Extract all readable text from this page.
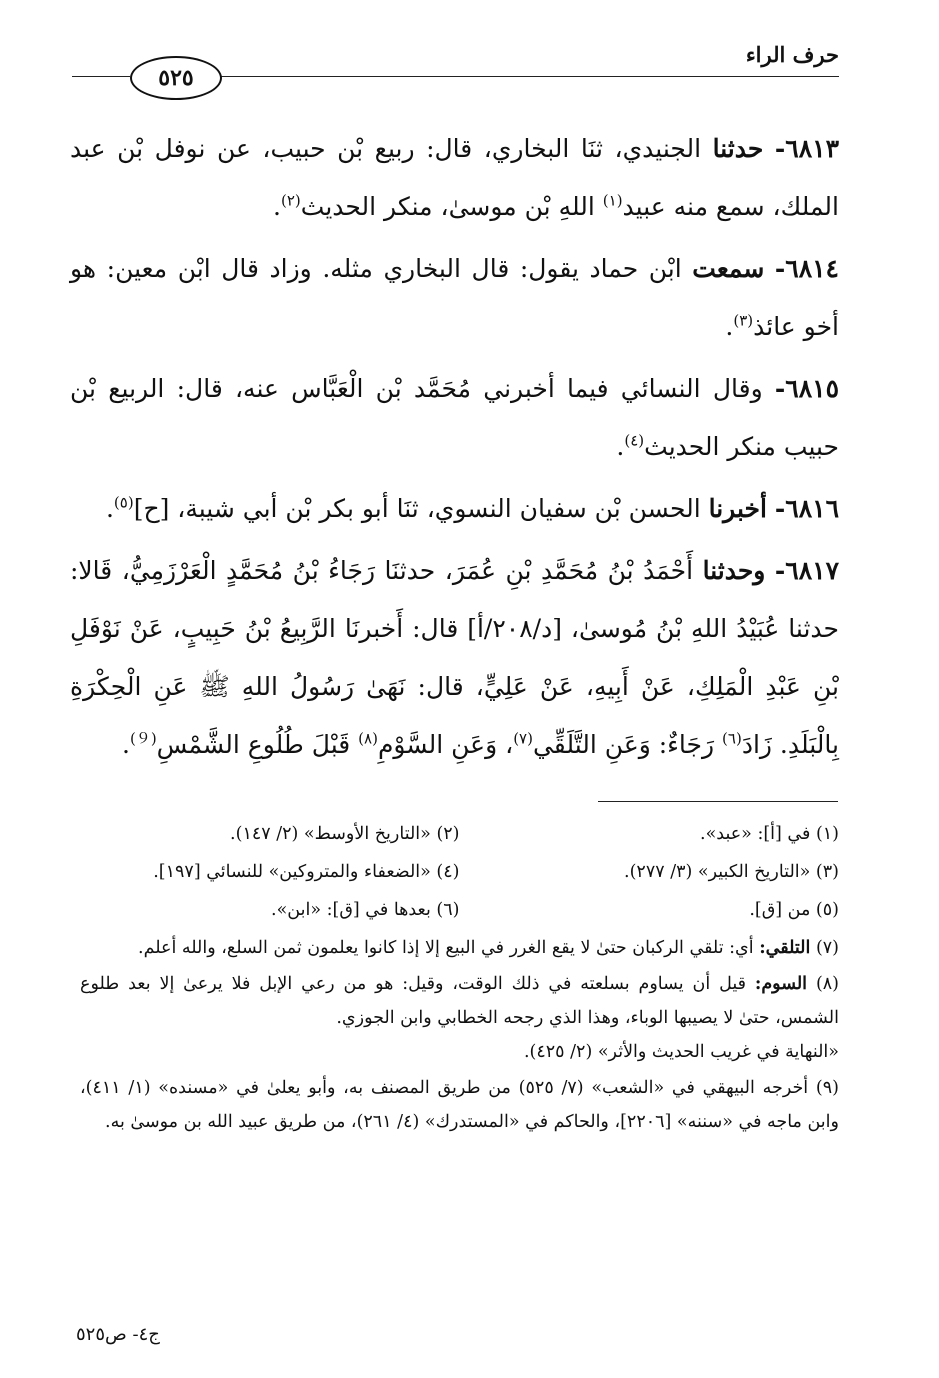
حرف الراء
٥٢٥

٦٨١٣- حدثنا الجنيدي، ثنَا البخاري، قال: ربيع بْن حبيب، عن نوفل بْن عبد الملك، سمع منه عبيد$^{(١)}$ اللهِ بْن موسىٰ، منكر الحديث$^{(٢)}$.

٦٨١٤- سمعت ابْن حماد يقول: قال البخاري مثله. وزاد قال ابْن معين: هو أخو عائذ$^{(٣)}$.

٦٨١٥- وقال النسائي فيما أخبرني مُحَمَّد بْن الْعَبَّاس عنه، قال: الربيع بْن حبيب منكر الحديث$^{(٤)}$.

٦٨١٦- أخبرنا الحسن بْن سفيان النسوي، ثنَا أبو بكر بْن أبي شيبة، [ح]$^{(٥)}$.

٦٨١٧- وحدثنا أَحْمَدُ بْنُ مُحَمَّدِ بْنِ عُمَرَ، حدثنَا رَجَاءُ بْنُ مُحَمَّدٍ الْعَرْزَمِيُّ، قَالا: حدثنا عُبَيْدُ اللهِ بْنُ مُوسىٰ، [د/٢٠٨/أ] قال: أَخبرنَا الرَّبِيعُ بْنُ حَبِيبٍ، عَنْ نَوْفَلِ بْنِ عَبْدِ الْمَلِكِ، عَنْ أَبِيهِ، عَنْ عَلِيٍّ، قال: نَهَىٰ رَسُولُ اللهِ ﷺ عَنِ الْحِكْرَةِ بِالْبَلَدِ. زَادَ$^{(٦)}$ رَجَاءٌ: وَعَنِ التَّلَقِّي$^{(٧)}$، وَعَنِ السَّوْمِ$^{(٨)}$ قَبْلَ طُلُوعِ الشَّمْسِ$^{(9)}$.

(١) في [أ]: «عبد».
(٢) «التاريخ الأوسط» (٢/ ١٤٧).
(٣) «التاريخ الكبير» (٣/ ٢٧٧).
(٤) «الضعفاء والمتروكين» للنسائي [١٩٧].
(٥) من [ق].
(٦) بعدها في [ق]: «ابن».
(٧) التلقي: أي: تلقي الركبان حتىٰ لا يقع الغرر في البيع إلا إذا كانوا يعلمون ثمن السلع، والله أعلم.
(٨) السوم: قيل أن يساوم بسلعته في ذلك الوقت، وقيل: هو من رعي الإبل فلا يرعىٰ إلا بعد طلوع الشمس، حتىٰ لا يصيبها الوباء، وهذا الذي رجحه الخطابي وابن الجوزي.
«النهاية في غريب الحديث والأثر» (٢/ ٤٢٥).
(٩) أخرجه البيهقي في «الشعب» (٧/ ٥٢٥) من طريق المصنف به، وأبو يعلىٰ في «مسنده» (١/ ٤١١)، وابن ماجه في «سننه» [٢٢٠٦]، والحاكم في «المستدرك» (٤/ ٢٦١)، من طريق عبيد الله بن موسىٰ به.
ج٤- ص٥٢٥
